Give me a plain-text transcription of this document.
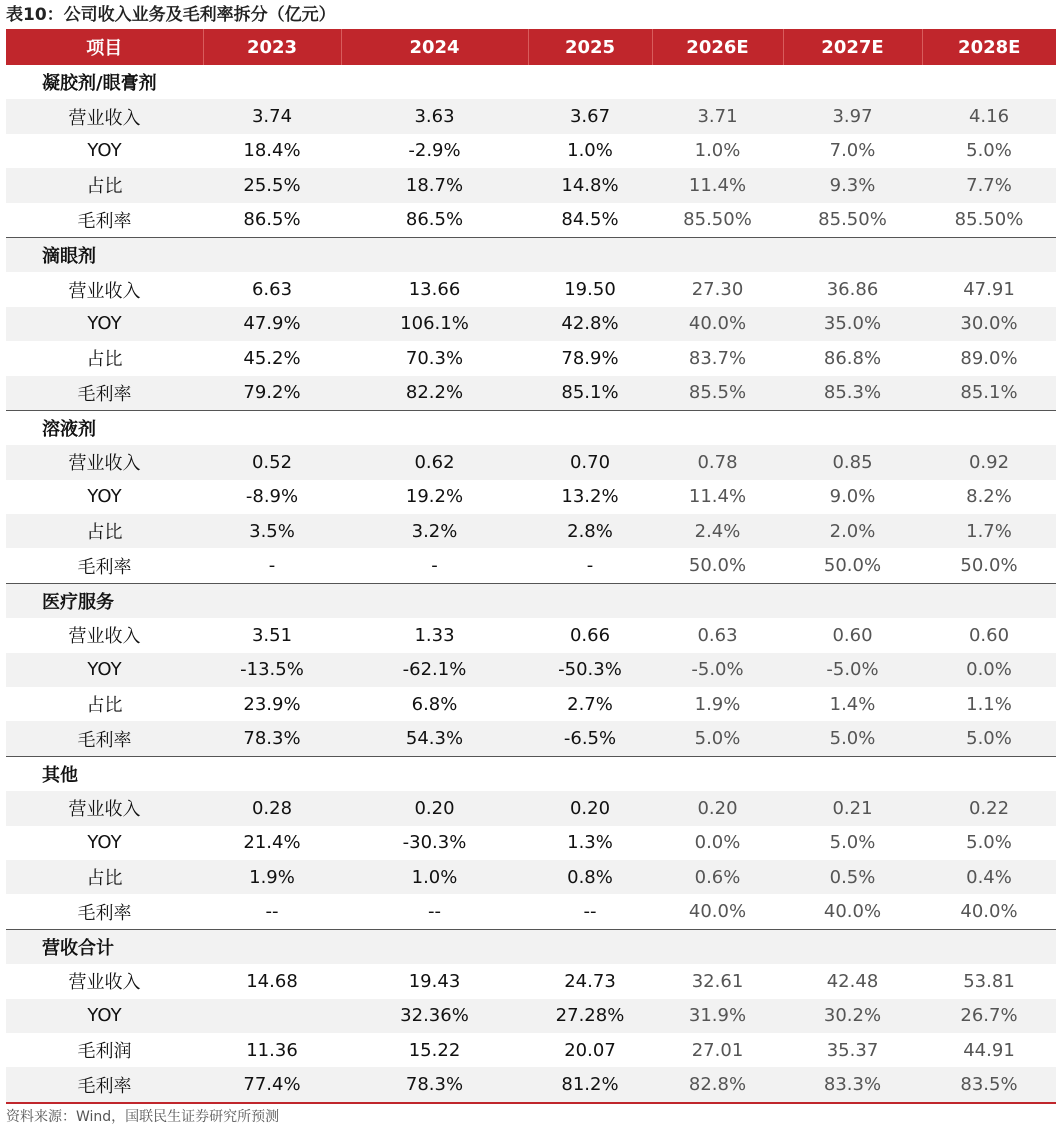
表10：公司收入业务及毛利率拆分（亿元）
项目	2023	2024	2025	2026E	2027E	2028E
凝胶剂/眼膏剂						
营业收入	3.74	3.63	3.67	3.71	3.97	4.16
YOY	18.4%	-2.9%	1.0%	1.0%	7.0%	5.0%
占比	25.5%	18.7%	14.8%	11.4%	9.3%	7.7%
毛利率	86.5%	86.5%	84.5%	85.50%	85.50%	85.50%
滴眼剂						
营业收入	6.63	13.66	19.50	27.30	36.86	47.91
YOY	47.9%	106.1%	42.8%	40.0%	35.0%	30.0%
占比	45.2%	70.3%	78.9%	83.7%	86.8%	89.0%
毛利率	79.2%	82.2%	85.1%	85.5%	85.3%	85.1%
溶液剂						
营业收入	0.52	0.62	0.70	0.78	0.85	0.92
YOY	-8.9%	19.2%	13.2%	11.4%	9.0%	8.2%
占比	3.5%	3.2%	2.8%	2.4%	2.0%	1.7%
毛利率	-	-	-	50.0%	50.0%	50.0%
医疗服务						
营业收入	3.51	1.33	0.66	0.63	0.60	0.60
YOY	-13.5%	-62.1%	-50.3%	-5.0%	-5.0%	0.0%
占比	23.9%	6.8%	2.7%	1.9%	1.4%	1.1%
毛利率	78.3%	54.3%	-6.5%	5.0%	5.0%	5.0%
其他						
营业收入	0.28	0.20	0.20	0.20	0.21	0.22
YOY	21.4%	-30.3%	1.3%	0.0%	5.0%	5.0%
占比	1.9%	1.0%	0.8%	0.6%	0.5%	0.4%
毛利率	--	--	--	40.0%	40.0%	40.0%
营收合计						
营业收入	14.68	19.43	24.73	32.61	42.48	53.81
YOY		32.36%	27.28%	31.9%	30.2%	26.7%
毛利润	11.36	15.22	20.07	27.01	35.37	44.91
毛利率	77.4%	78.3%	81.2%	82.8%	83.3%	83.5%
资料来源：Wind，国联民生证券研究所预测
